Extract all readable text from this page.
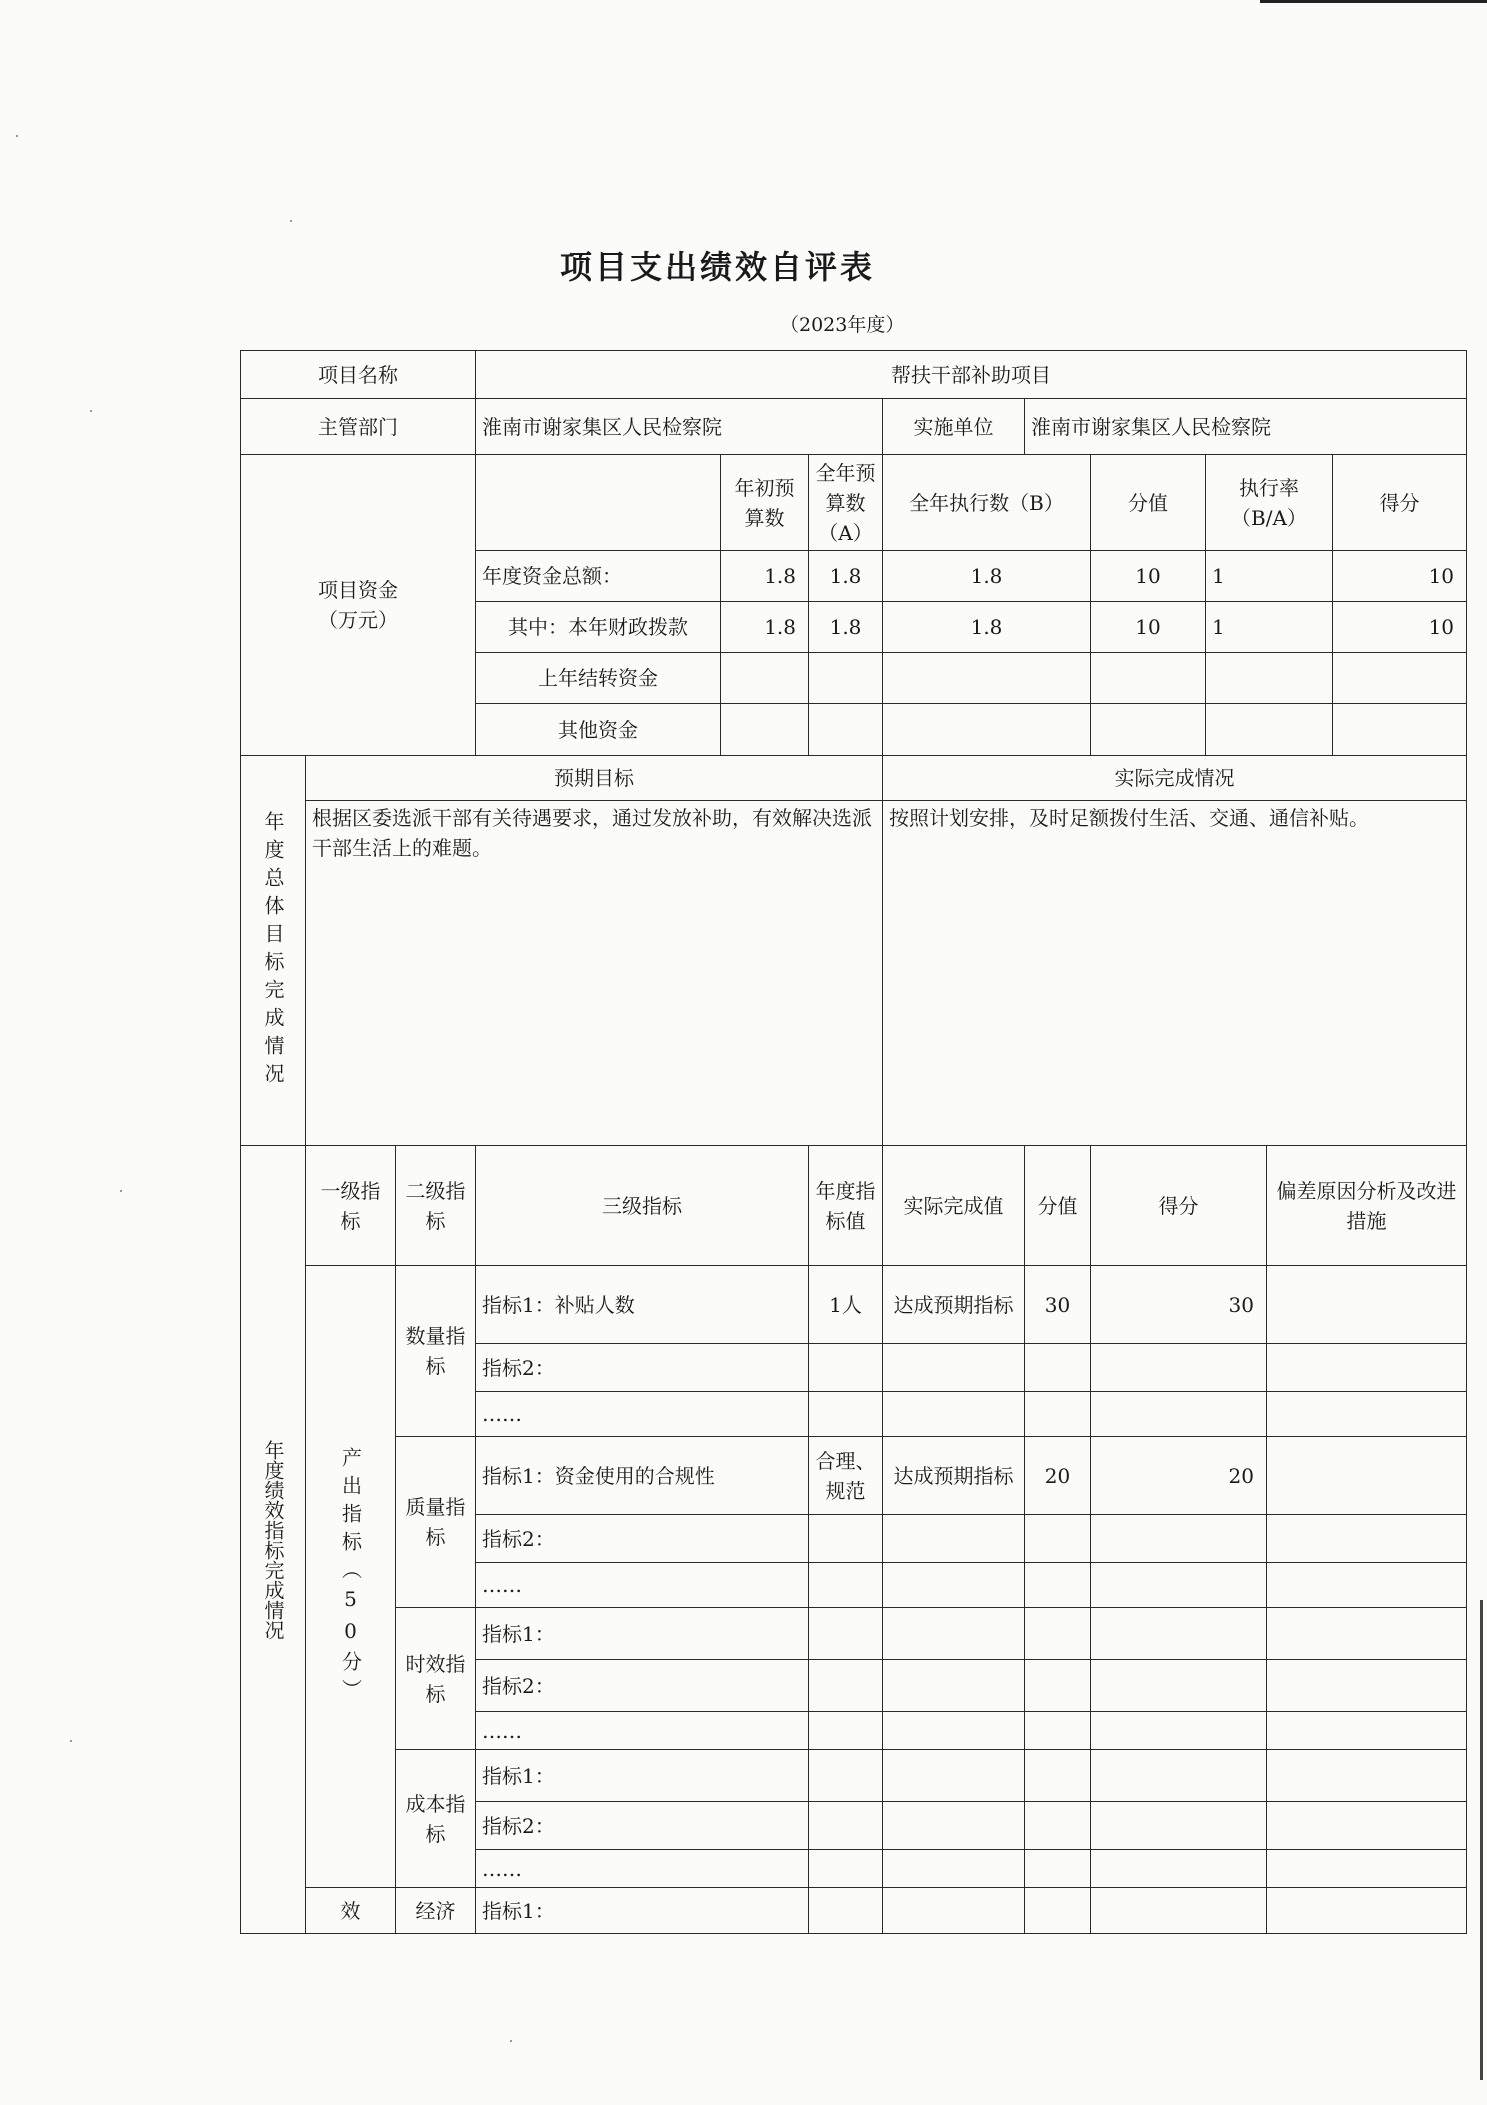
项目支出绩效自评表
（2023年度）
项目名称			帮扶干部补助项目								
主管部门			淮南市谢家集区人民检察院			实施单位	淮南市谢家集区人民检察院				

项目资金
（万元）				年初预算数	全年预算数（A）	全年执行数（B）		分值	执行率（B/A）		得分
			年度资金总额：	1.8	1.8	1.8		10	1		10
			其中：本年财政拨款	1.8	1.8	1.8		10	1		10
			上年结转资金								
			其他资金								
年度总体目标完成情况	预期目标					实际完成情况					
	根据区委选派干部有关待遇要求，通过发放补助，有效解决选派干部生活上的难题。					按照计划安排，及时足额拨付生活、交通、通信补贴。					
年度绩效指标完成情况	一级指标	二级指标	三级指标		年度指标值	实际完成值	分值	得分		偏差原因分析及改进措施	
	产出指标（50分）	数量指标	指标1：补贴人数		1人	达成预期指标	30	30			
			指标2：								
			……								
		质量指标	指标1：资金使用的合规性		合理、规范	达成预期指标	20	20			
			指标2：								
			……								
		时效指标	指标1：								
			指标2：								
			……								
		成本指标	指标1：								
			指标2：								
			……								
	效	经济	指标1：								
